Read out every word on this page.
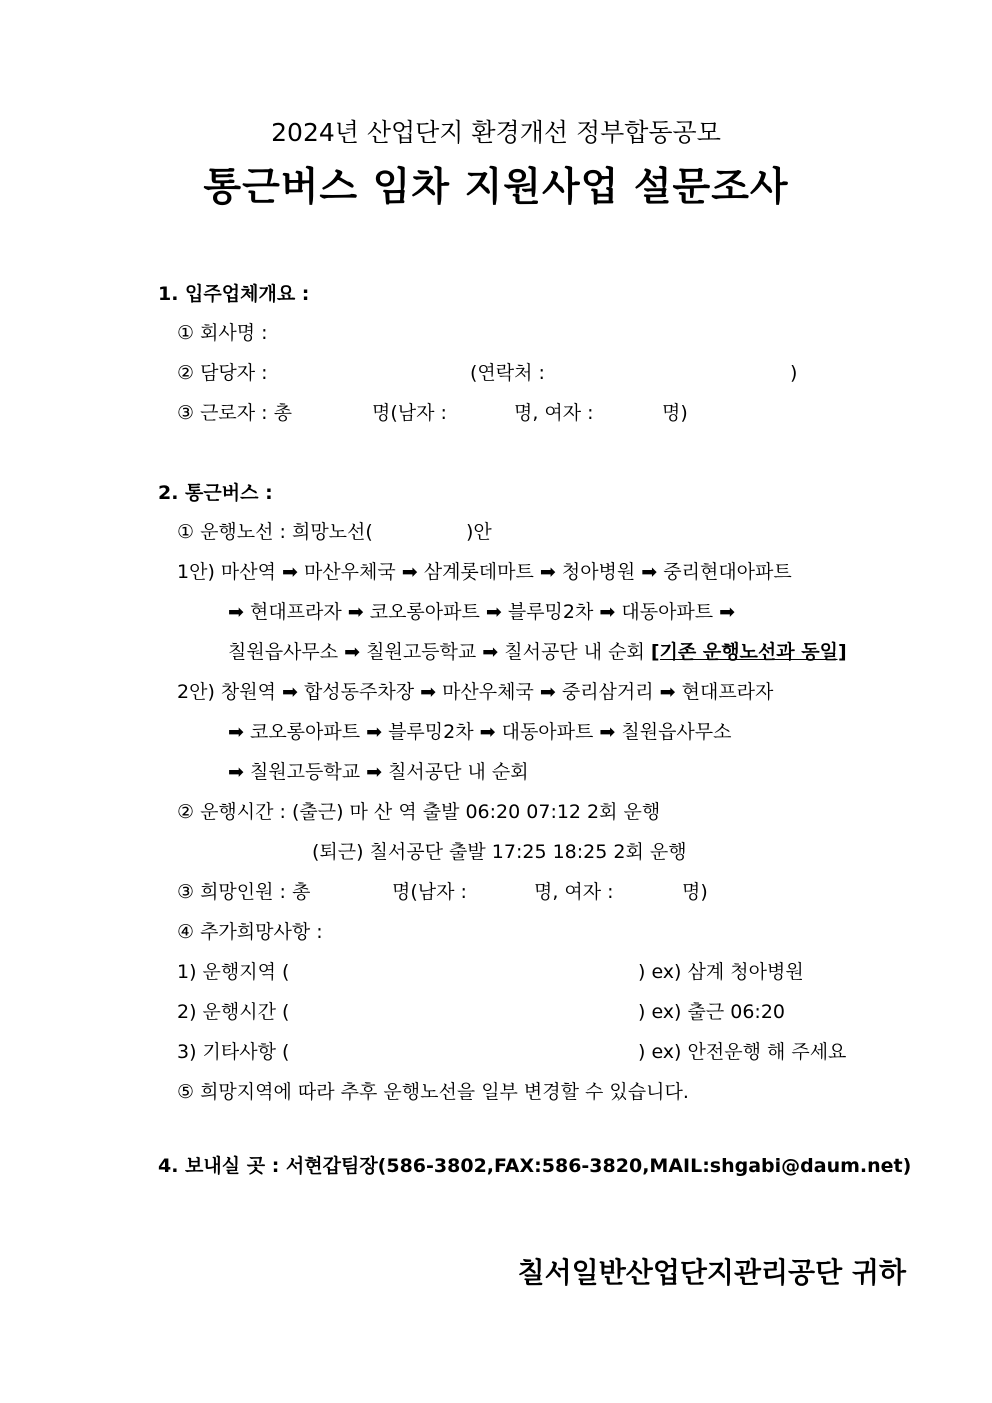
2024년 산업단지 환경개선 정부합동공모
통근버스 임차 지원사업 설문조사
1. 입주업체개요 :
① 회사명 :
② 담당자 :	(연락처 :	)
③ 근로자 : 총	명(남자 :	명, 여자 :	명)
2. 통근버스 :
① 운행노선 : 희망노선(	)안
1안) 마산역 ➡ 마산우체국 ➡ 삼계롯데마트 ➡ 청아병원 ➡ 중리현대아파트
➡ 현대프라자 ➡ 코오롱아파트 ➡ 블루밍2차 ➡ 대동아파트 ➡
칠원읍사무소 ➡ 칠원고등학교 ➡ 칠서공단 내 순회 [기존 운행노선과 동일]
2안) 창원역 ➡ 합성동주차장 ➡ 마산우체국 ➡ 중리삼거리 ➡ 현대프라자
➡ 코오롱아파트 ➡ 블루밍2차 ➡ 대동아파트 ➡ 칠원읍사무소
➡ 칠원고등학교 ➡ 칠서공단 내 순회
② 운행시간 : (출근) 마 산 역 출발 06:20 07:12 2회 운행
(퇴근) 칠서공단 출발 17:25 18:25 2회 운행
③ 희망인원 : 총	명(남자 :	명, 여자 :	명)
④ 추가희망사항 :
1) 운행지역 (	) ex) 삼계 청아병원
2) 운행시간 (	) ex) 출근 06:20
3) 기타사항 (	) ex) 안전운행 해 주세요
⑤ 희망지역에 따라 추후 운행노선을 일부 변경할 수 있습니다.
4. 보내실 곳 : 서현갑팀장(586-3802,FAX:586-3820,MAIL:shgabi@daum.net)
칠서일반산업단지관리공단 귀하
